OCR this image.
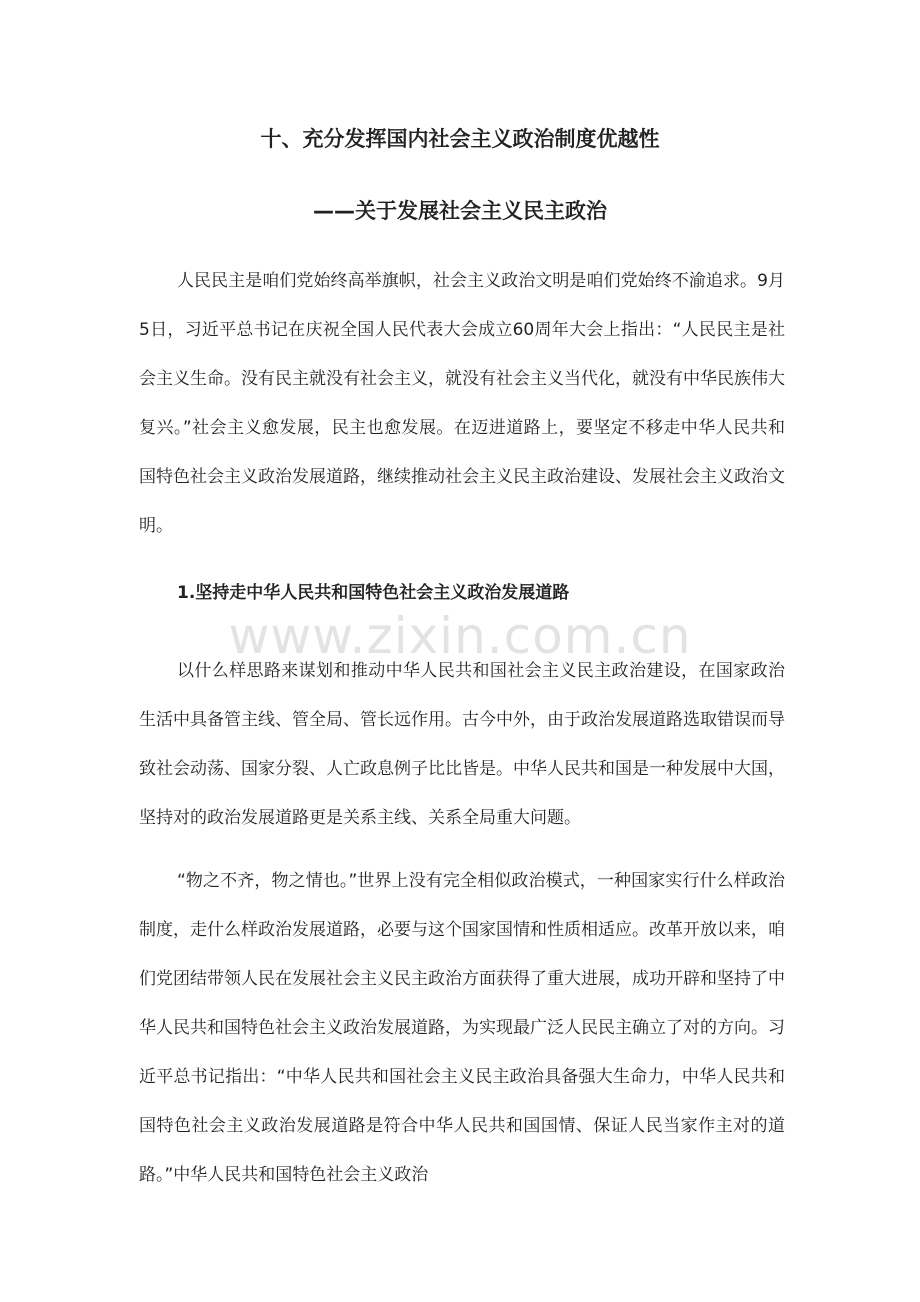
十、充分发挥国内社会主义政治制度优越性
——关于发展社会主义民主政治

人民民主是咱们党始终高举旗帜，社会主义政治文明是咱们党始终不渝追求。9月5日，习近平总书记在庆祝全国人民代表大会成立60周年大会上指出：“人民民主是社会主义生命。没有民主就没有社会主义，就没有社会主义当代化，就没有中华民族伟大复兴。”社会主义愈发展，民主也愈发展。在迈进道路上，要坚定不移走中华人民共和国特色社会主义政治发展道路，继续推动社会主义民主政治建设、发展社会主义政治文明。

1.坚持走中华人民共和国特色社会主义政治发展道路
www.zixin.com.cn

以什么样思路来谋划和推动中华人民共和国社会主义民主政治建设，在国家政治生活中具备管主线、管全局、管长远作用。古今中外，由于政治发展道路选取错误而导致社会动荡、国家分裂、人亡政息例子比比皆是。中华人民共和国是一种发展中大国，坚持对的政治发展道路更是关系主线、关系全局重大问题。

“物之不齐，物之情也。”世界上没有完全相似政治模式，一种国家实行什么样政治制度，走什么样政治发展道路，必要与这个国家国情和性质相适应。改革开放以来，咱们党团结带领人民在发展社会主义民主政治方面获得了重大进展，成功开辟和坚持了中华人民共和国特色社会主义政治发展道路，为实现最广泛人民民主确立了对的方向。习近平总书记指出：“中华人民共和国社会主义民主政治具备强大生命力，中华人民共和国特色社会主义政治发展道路是符合中华人民共和国国情、保证人民当家作主对的道路。”中华人民共和国特色社会主义政治
